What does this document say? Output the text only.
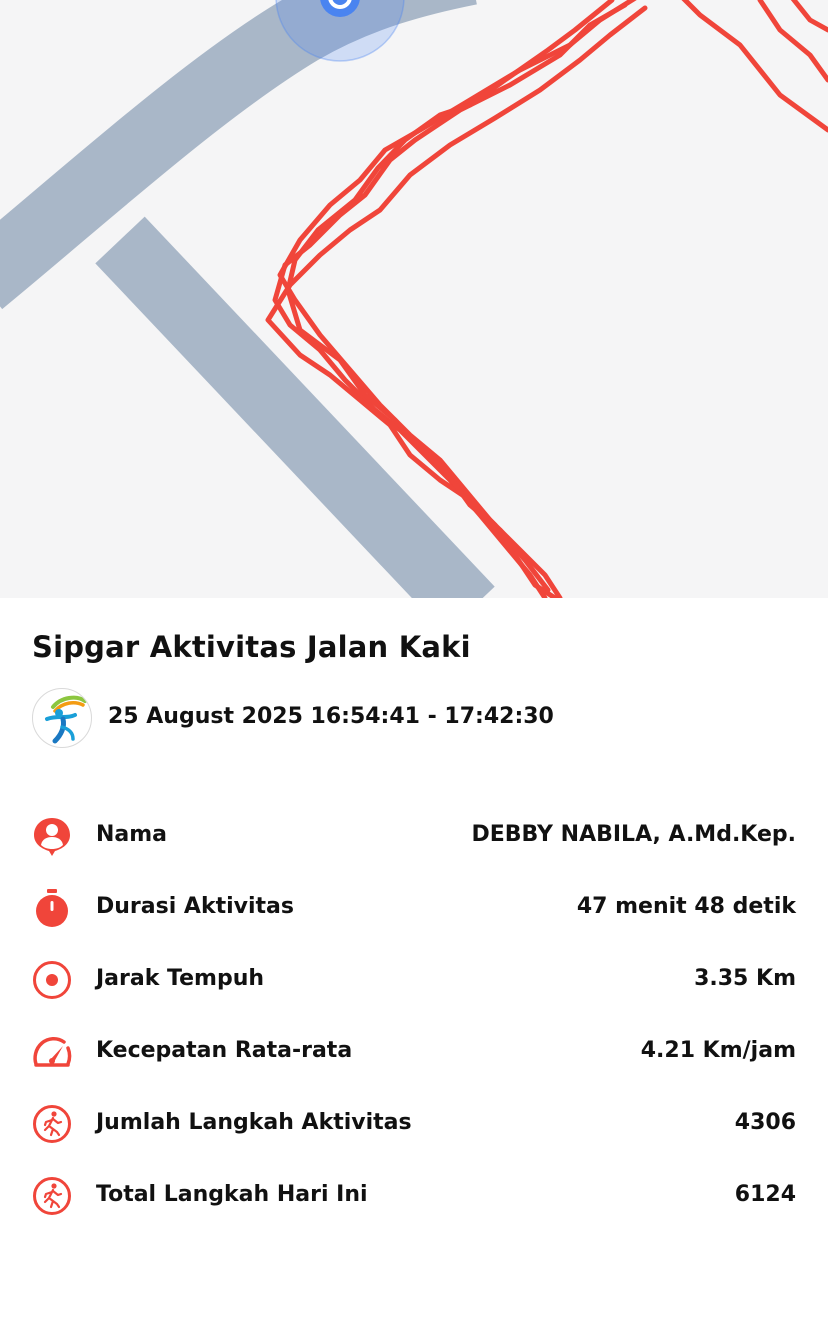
Sipgar Aktivitas Jalan Kaki
25 August 2025 16:54:41 - 17:42:30
Nama	DEBBY NABILA, A.Md.Kep.
Durasi Aktivitas	47 menit 48 detik
Jarak Tempuh	3.35 Km
Kecepatan Rata-rata	4.21 Km/jam
Jumlah Langkah Aktivitas	4306
Total Langkah Hari Ini	6124
